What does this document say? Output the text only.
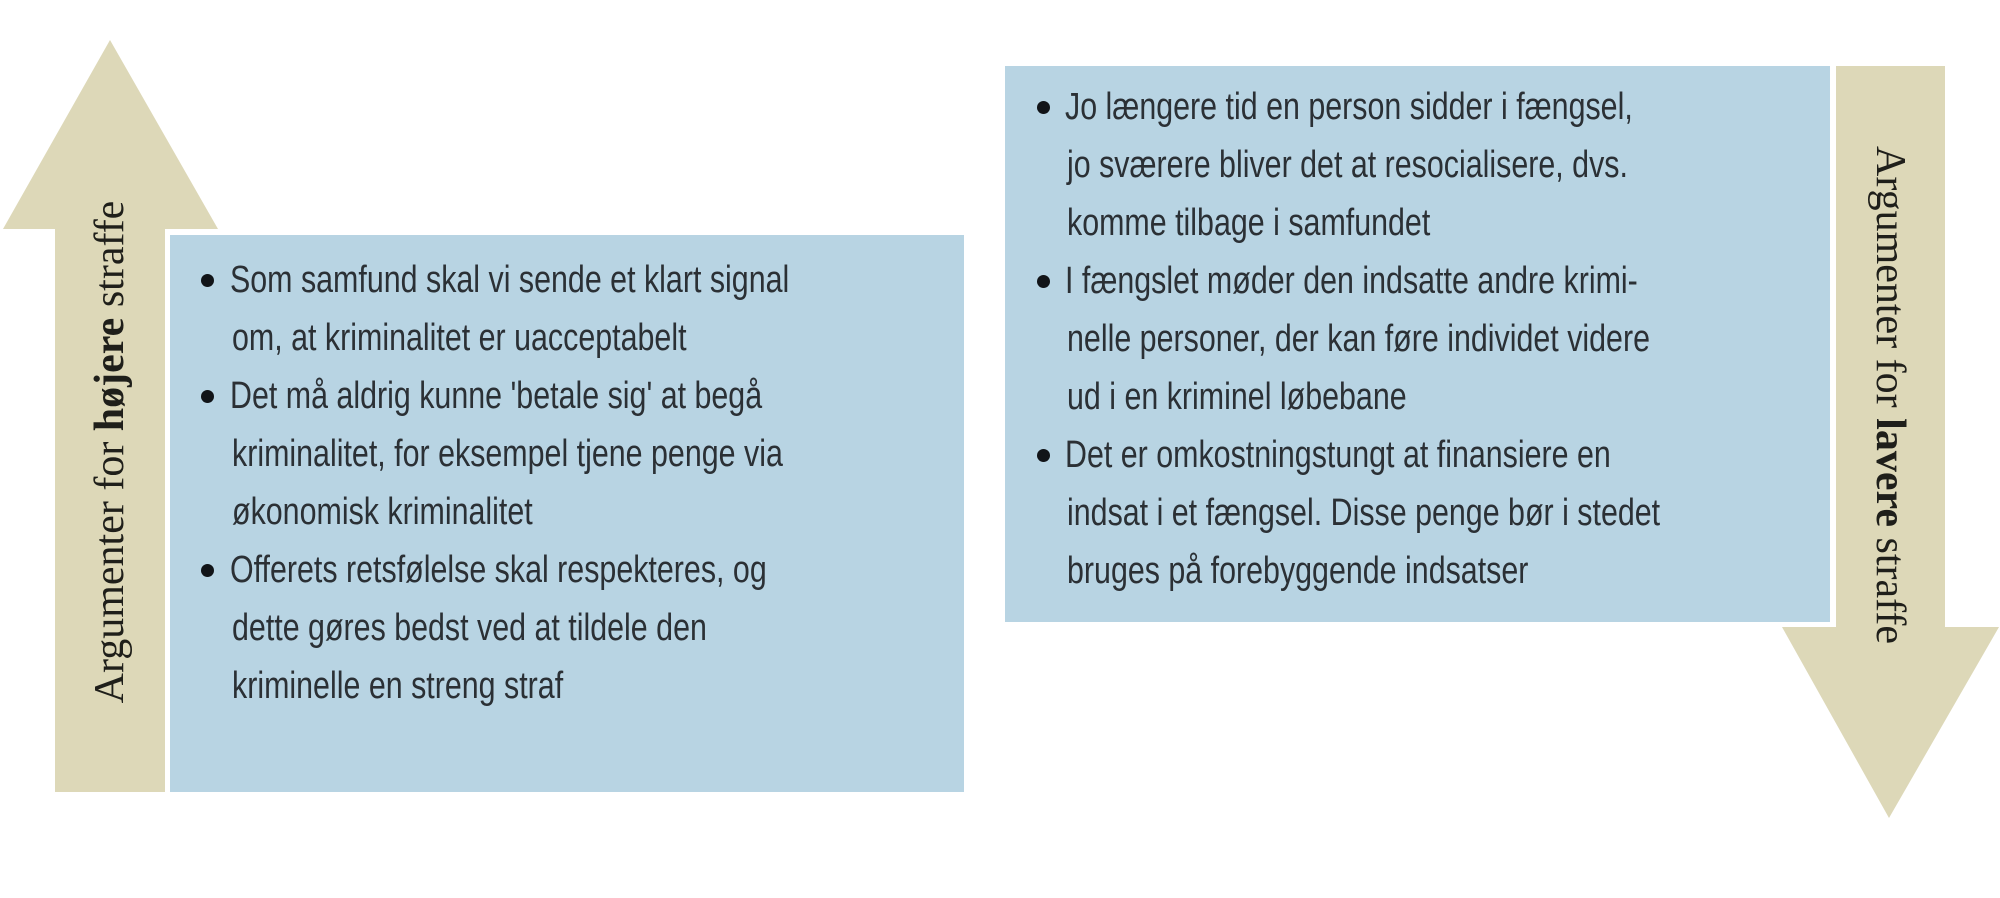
Argumenter for højere straffe	Som samfund skal vi sende et klart signal
om, at kriminalitet er uacceptabelt
Det må aldrig kunne 'betale sig' at begå
kriminalitet, for eksempel tjene penge via
økonomisk kriminalitet
Offerets retsfølelse skal respekteres, og
dette gøres bedst ved at tildele den
kriminelle en streng straf
Jo længere tid en person sidder i fængsel,
jo sværere bliver det at resocialisere, dvs.
komme tilbage i samfundet
I fængslet møder den indsatte andre krimi-
nelle personer, der kan føre individet videre
ud i en kriminel løbebane
Det er omkostningstungt at finansiere en
indsat i et fængsel. Disse penge bør i stedet
bruges på forebyggende indsatser
Argumenter for lavere straffe
